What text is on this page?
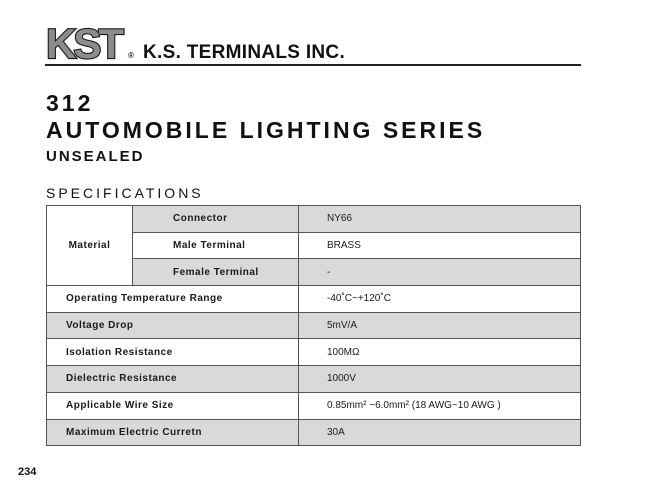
KST ® K.S. TERMINALS INC.
312
AUTOMOBILE LIGHTING SERIES
UNSEALED
SPECIFICATIONS
Material	Connector	NY66
	Male Terminal	BRASS
	Female Terminal	-
Operating Temperature Range		-40˚C~+120˚C
Voltage Drop		5mV/A
Isolation Resistance		100MΩ
Dielectric Resistance		1000V
Applicable Wire Size		0.85mm² ~6.0mm² (18 AWG~10 AWG )
Maximum Electric Curretn		30A
234
